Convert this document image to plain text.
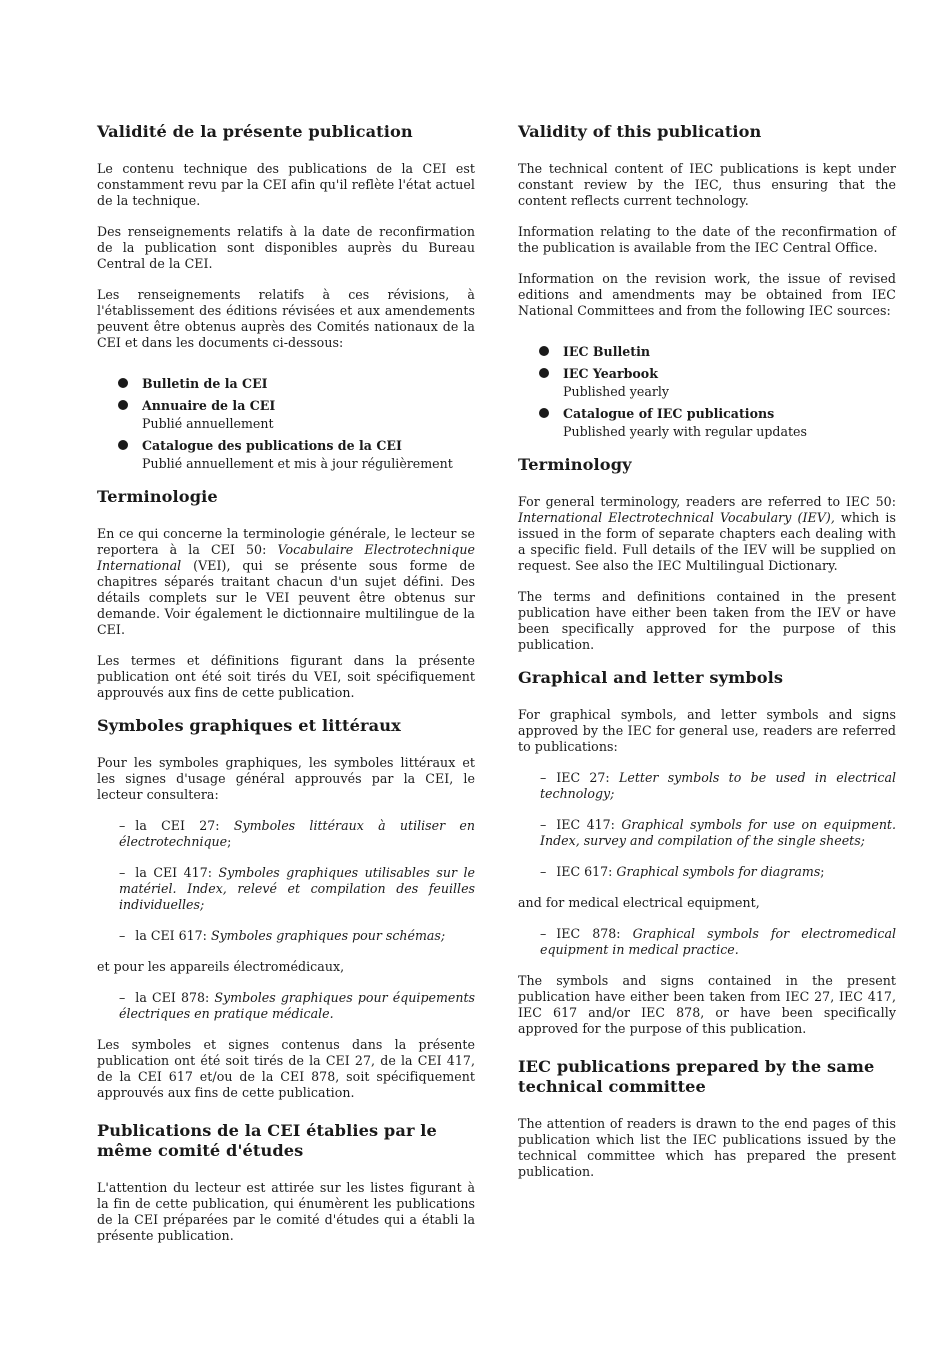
Validité de la présente publication

Le contenu technique des publications de la CEI est constamment revu par la CEI afin qu'il reflète l'état actuel de la technique.

Des renseignements relatifs à la date de reconfirmation de la publication sont disponibles auprès du Bureau Central de la CEI.

Les renseignements relatifs à ces révisions, à l'établissement des éditions révisées et aux amendements peuvent être obtenus auprès des Comités nationaux de la CEI et dans les documents ci-dessous:

Bulletin de la CEI
Annuaire de la CEI
Publié annuellement
Catalogue des publications de la CEI
Publié annuellement et mis à jour régulièrement
Terminologie

En ce qui concerne la terminologie générale, le lecteur se reportera à la CEI 50: Vocabulaire Electrotechnique International (VEI), qui se présente sous forme de chapitres séparés traitant chacun d'un sujet défini. Des détails complets sur le VEI peuvent être obtenus sur demande. Voir également le dictionnaire multilingue de la CEI.

Les termes et définitions figurant dans la présente publication ont été soit tirés du VEI, soit spécifiquement approuvés aux fins de cette publication.

Symboles graphiques et littéraux

Pour les symboles graphiques, les symboles littéraux et les signes d'usage général approuvés par la CEI, le lecteur consultera:

– la CEI 27: Symboles littéraux à utiliser en électrotechnique;
– la CEI 417: Symboles graphiques utilisables sur le matériel. Index, relevé et compilation des feuilles individuelles;
– la CEI 617: Symboles graphiques pour schémas;

et pour les appareils électromédicaux,

– la CEI 878: Symboles graphiques pour équipements électriques en pratique médicale.

Les symboles et signes contenus dans la présente publication ont été soit tirés de la CEI 27, de la CEI 417, de la CEI 617 et/ou de la CEI 878, soit spécifiquement approuvés aux fins de cette publication.

Publications de la CEI établies par le même comité d'études

L'attention du lecteur est attirée sur les listes figurant à la fin de cette publication, qui énumèrent les publications de la CEI préparées par le comité d'études qui a établi la présente publication.

Validity of this publication

The technical content of IEC publications is kept under constant review by the IEC, thus ensuring that the content reflects current technology.

Information relating to the date of the reconfirmation of the publication is available from the IEC Central Office.

Information on the revision work, the issue of revised editions and amendments may be obtained from IEC National Committees and from the following IEC sources:

IEC Bulletin
IEC Yearbook
Published yearly
Catalogue of IEC publications
Published yearly with regular updates
Terminology

For general terminology, readers are referred to IEC 50: International Electrotechnical Vocabulary (IEV), which is issued in the form of separate chapters each dealing with a specific field. Full details of the IEV will be supplied on request. See also the IEC Multilingual Dictionary.

The terms and definitions contained in the present publication have either been taken from the IEV or have been specifically approved for the purpose of this publication.

Graphical and letter symbols

For graphical symbols, and letter symbols and signs approved by the IEC for general use, readers are referred to publications:

– IEC 27: Letter symbols to be used in electrical technology;
– IEC 417: Graphical symbols for use on equipment. Index, survey and compilation of the single sheets;
– IEC 617: Graphical symbols for diagrams;

and for medical electrical equipment,

– IEC 878: Graphical symbols for electromedical equipment in medical practice.

The symbols and signs contained in the present publication have either been taken from IEC 27, IEC 417, IEC 617 and/or IEC 878, or have been specifically approved for the purpose of this publication.

IEC publications prepared by the same technical committee

The attention of readers is drawn to the end pages of this publication which list the IEC publications issued by the technical committee which has prepared the present publication.
